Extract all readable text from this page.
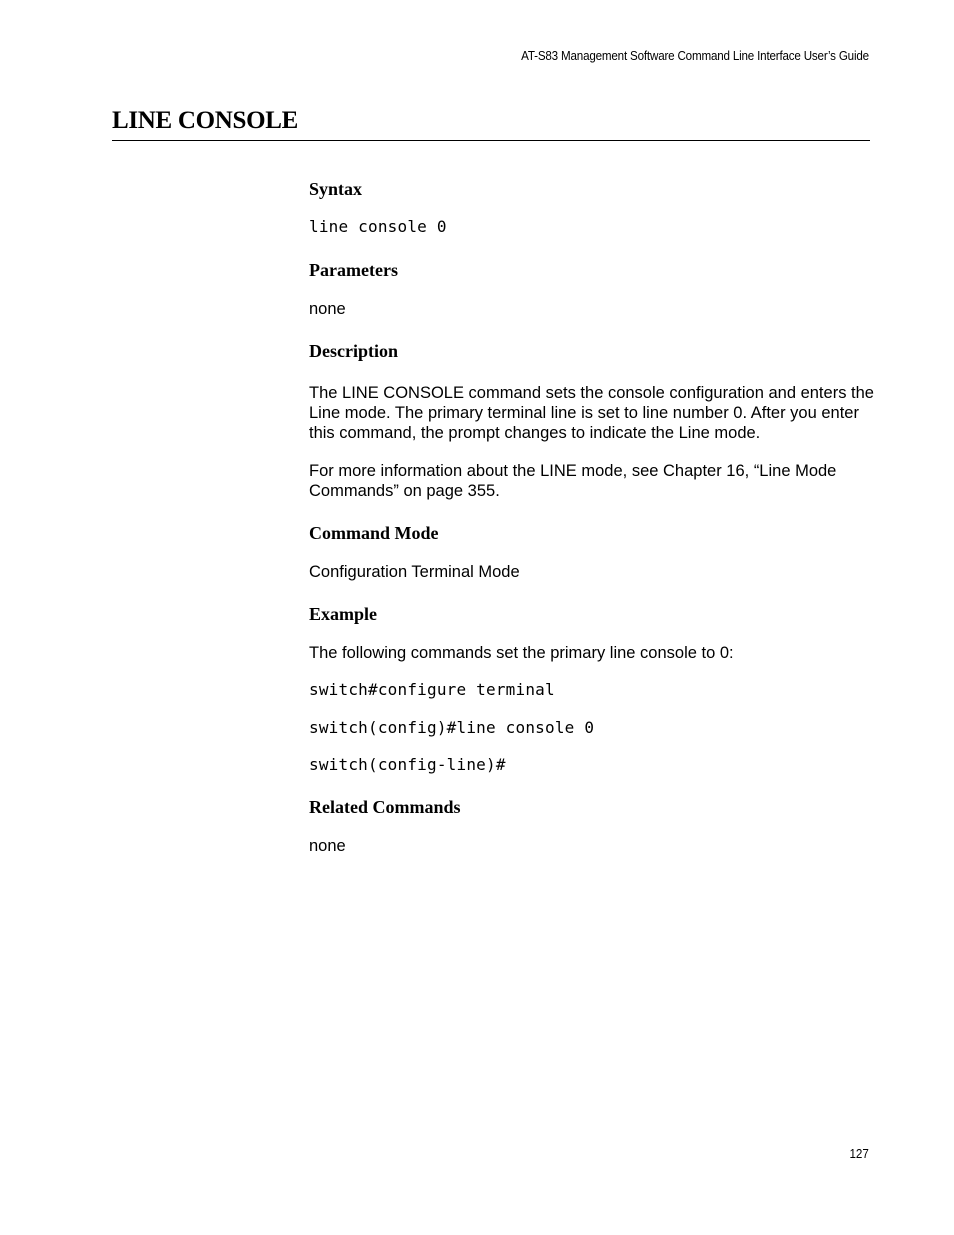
AT-S83 Management Software Command Line Interface User’s Guide
LINE CONSOLE
Syntax
line console 0
Parameters

none

Description

The LINE CONSOLE command sets the console configuration and enters the Line mode. The primary terminal line is set to line number 0. After you enter this command, the prompt changes to indicate the Line mode.

For more information about the LINE mode, see Chapter 16, “Line Mode Commands” on page 355.

Command Mode

Configuration Terminal Mode

Example

The following commands set the primary line console to 0:

switch#configure terminal
switch(config)#line console 0
switch(config-line)#
Related Commands

none

127
